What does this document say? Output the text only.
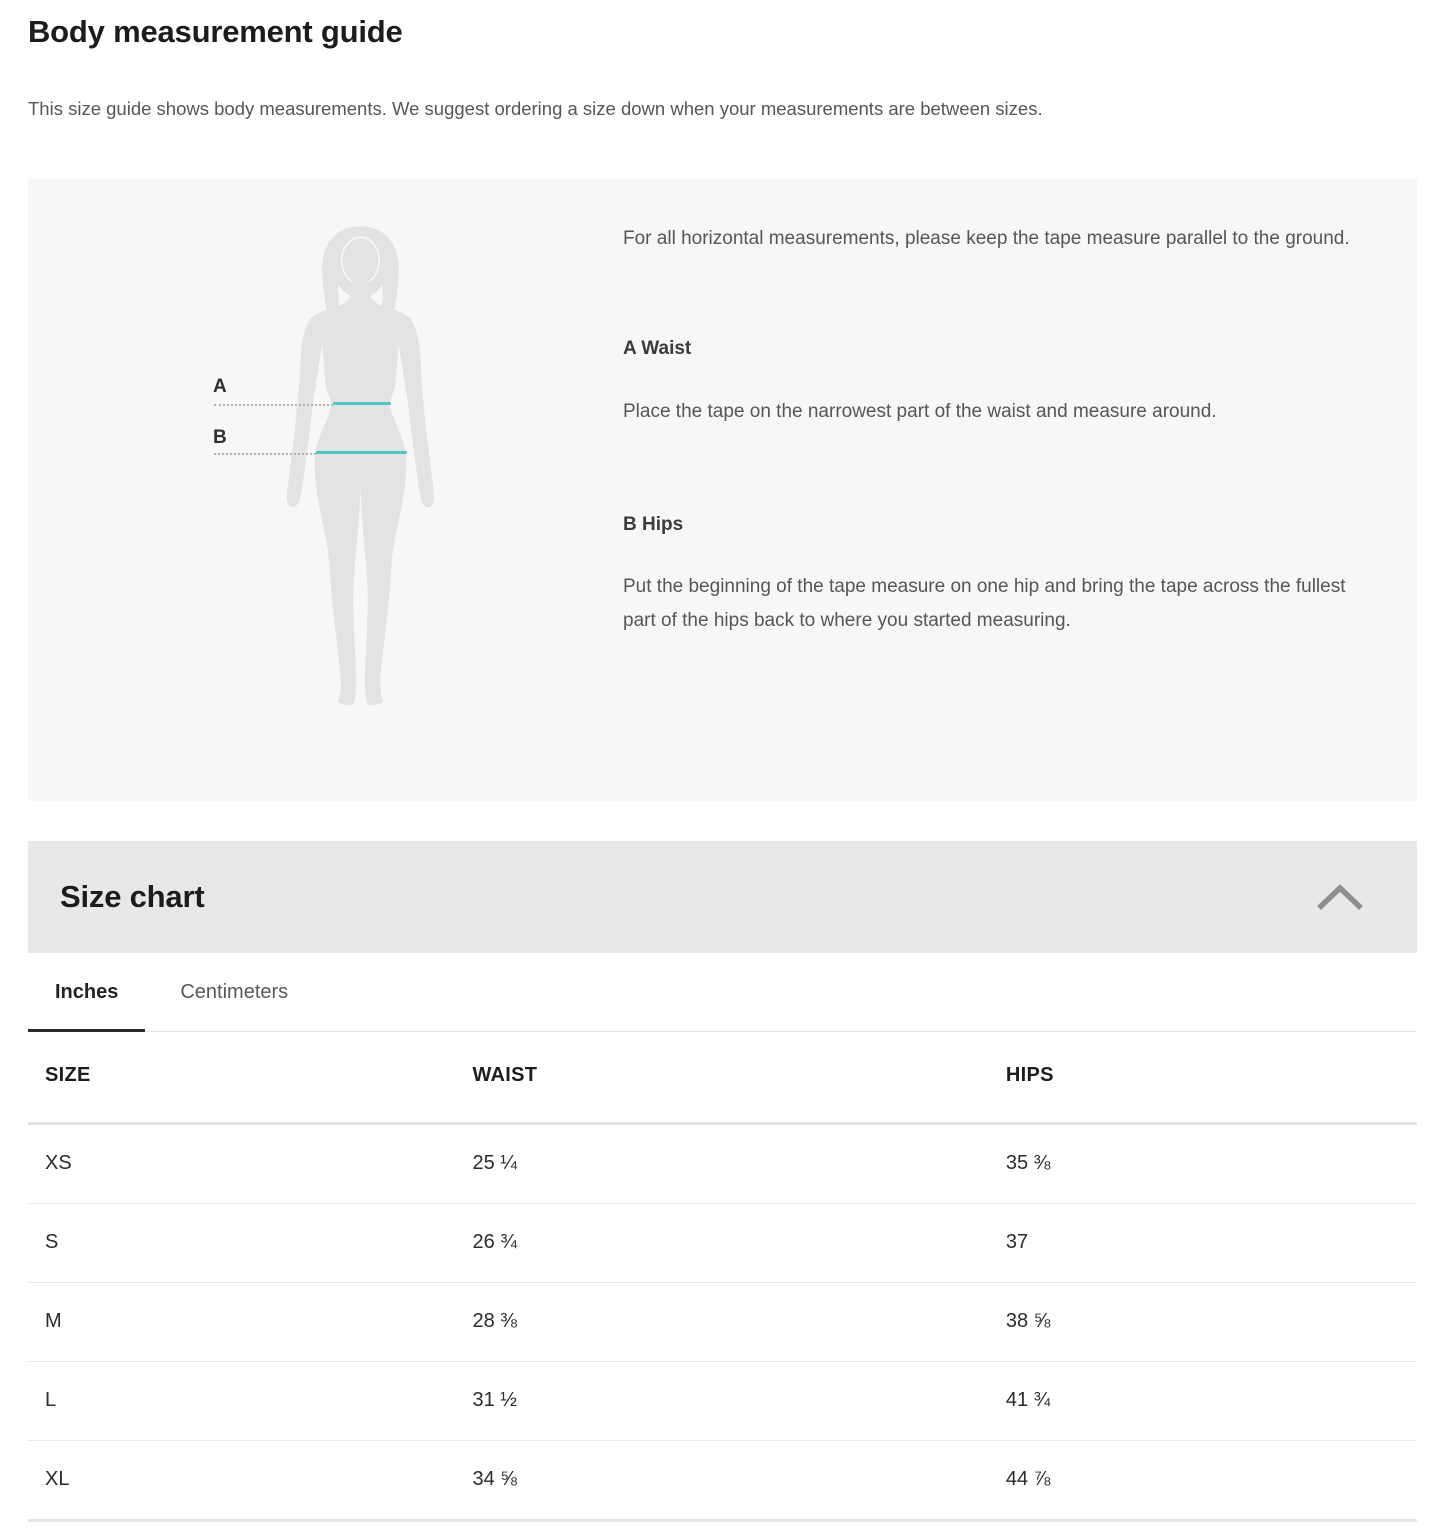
Body measurement guide

This size guide shows body measurements. We suggest ordering a size down when your measurements are between sizes.

A
B

For all horizontal measurements, please keep the tape measure parallel to the ground.

A Waist

Place the tape on the narrowest part of the waist and measure around.

B Hips

Put the beginning of the tape measure on one hip and bring the tape across the fullest part of the hips back to where you started measuring.

Size chart
Inches	Centimeters
SIZE	WAIST	HIPS
XS	25 ¼	35 ⅜
S	26 ¾	37
M	28 ⅜	38 ⅝
L	31 ½	41 ¾
XL	34 ⅝	44 ⅞
